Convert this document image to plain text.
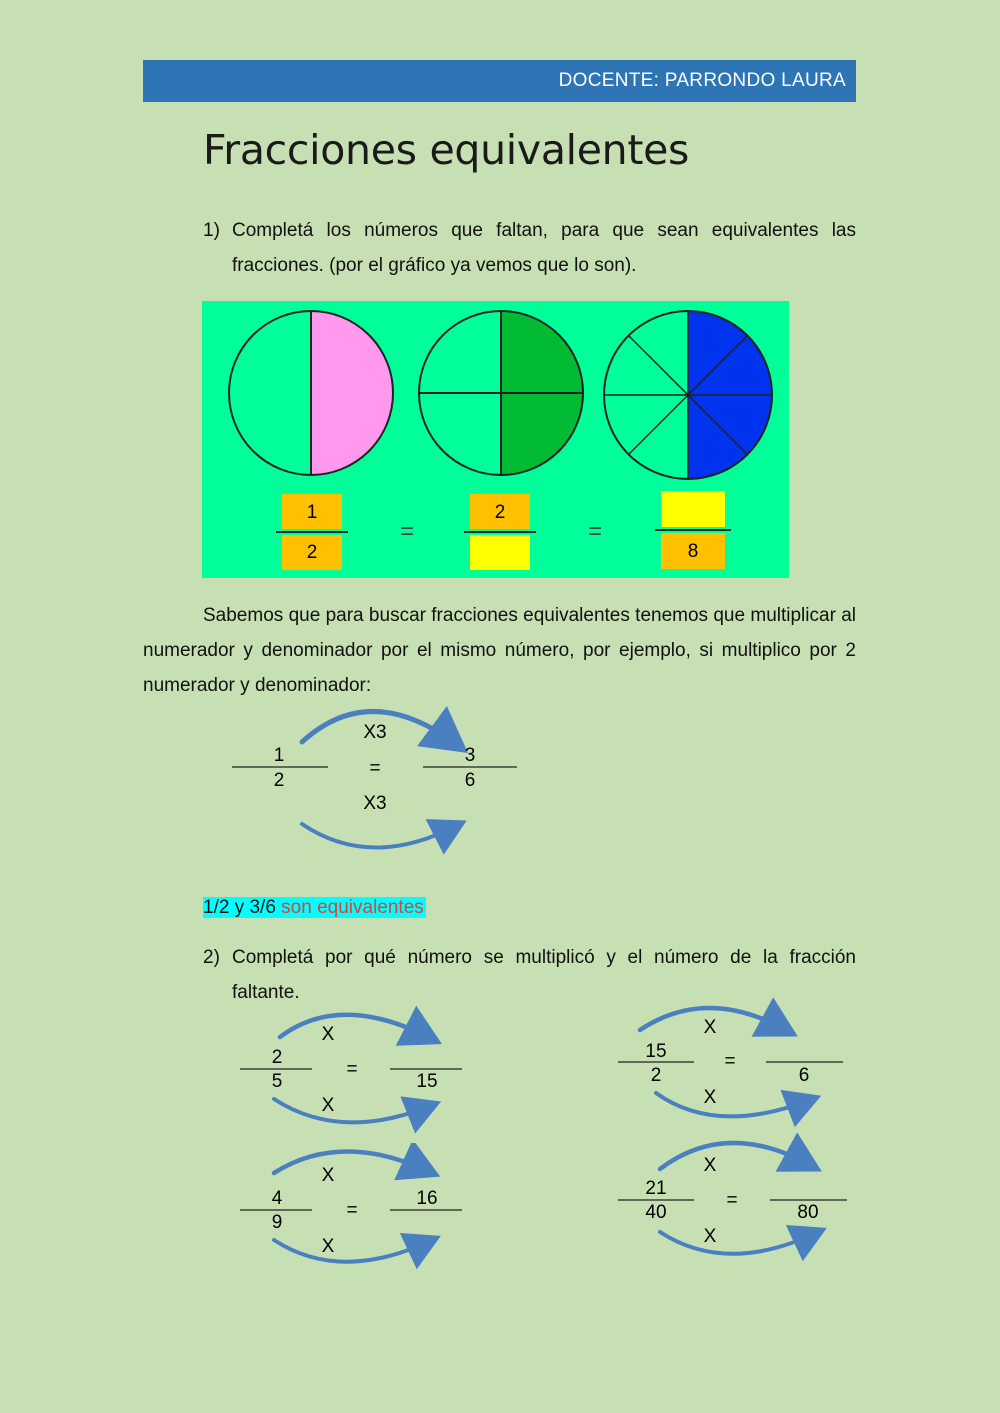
DOCENTE: PARRONDO LAURA
Fracciones equivalentes
1) Completá los números que faltan, para que sean equivalentes las fracciones. (por el gráfico ya vemos que lo son).
1
2
=
2
=
8
Sabemos que para buscar fracciones equivalentes tenemos que multiplicar al numerador y denominador por el mismo número, por ejemplo, si multiplico por 2 numerador y denominador:
X3
X3
=
1
2
3
6
1/2 y 3/6 son equivalentes
2) Completá por qué número se multiplicó y el número de la fracción faltante.
X
X
=
2
5	15
X
X
=
15
2	6
X
X
=
4
9
16
X
X
=
21
40	80
